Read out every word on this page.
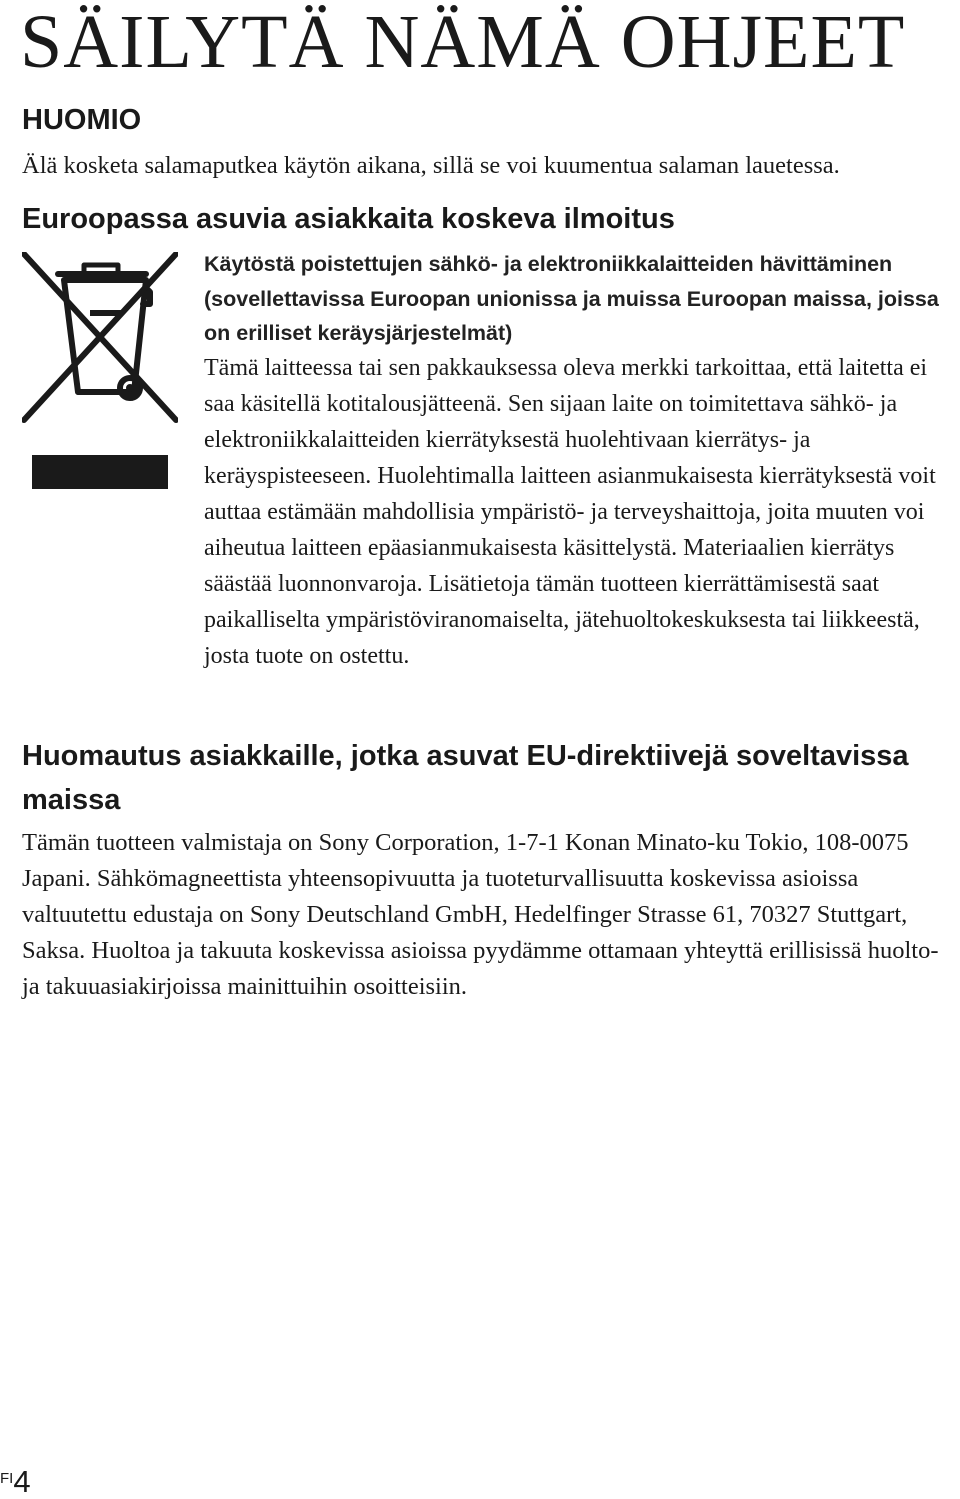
SÄILYTÄ NÄMÄ OHJEET
HUOMIO

Älä kosketa salamaputkea käytön aikana, sillä se voi kuumentua salaman lauetessa.

Euroopassa asuvia asiakkaita koskeva ilmoitus

Käytöstä poistettujen sähkö- ja elektroniikkalaitteiden hävittäminen (sovellettavissa Euroopan unionissa ja muissa Euroopan maissa, joissa on erilliset keräysjärjestelmät)

Tämä laitteessa tai sen pakkauksessa oleva merkki tarkoittaa, että laitetta ei saa käsitellä kotitalousjätteenä. Sen sijaan laite on toimitettava sähkö- ja elektroniikkalaitteiden kierrätyksestä huolehtivaan kierrätys- ja keräyspisteeseen. Huolehtimalla laitteen asianmukaisesta kierrätyksestä voit auttaa estämään mahdollisia ympäristö- ja terveyshaittoja, joita muuten voi aiheutua laitteen epäasianmukaisesta käsittelystä. Materiaalien kierrätys säästää luonnonvaroja. Lisätietoja tämän tuotteen kierrättämisestä saat paikalliselta ympäristöviranomaiselta, jätehuoltokeskuksesta tai liikkeestä, josta tuote on ostettu.

Huomautus asiakkaille, jotka asuvat EU-direktiivejä soveltavissa maissa

Tämän tuotteen valmistaja on Sony Corporation, 1-7-1 Konan Minato-ku Tokio, 108-0075 Japani. Sähkömagneettista yhteensopivuutta ja tuoteturvallisuutta koskevissa asioissa valtuutettu edustaja on Sony Deutschland GmbH, Hedelfinger Strasse 61, 70327 Stuttgart, Saksa. Huoltoa ja takuuta koskevissa asioissa pyydämme ottamaan yhteyttä erillisissä huolto- ja takuuasiakirjoissa mainittuihin osoitteisiin.

FI4
